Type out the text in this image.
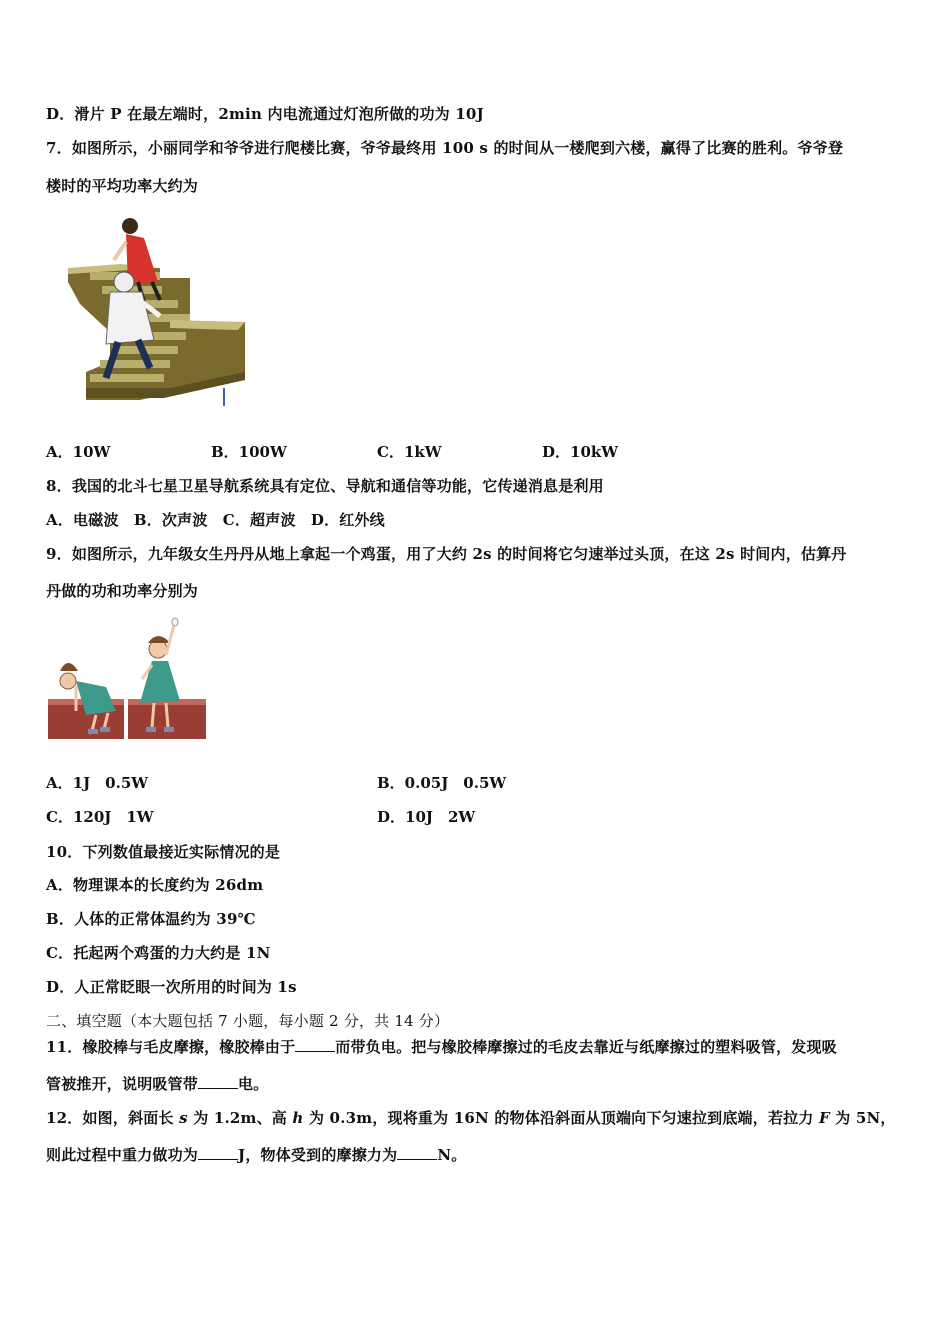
D．滑片 P 在最左端时，2min 内电流通过灯泡所做的功为 10J
7．如图所示，小丽同学和爷爷进行爬楼比赛，爷爷最终用 100 s 的时间从一楼爬到六楼，赢得了比赛的胜利。爷爷登
楼时的平均功率大约为
A．10W	B．100W	C．1kW	D．10kW
8．我国的北斗七星卫星导航系统具有定位、导航和通信等功能，它传递消息是利用
A．电磁波　B．次声波　C．超声波　D．红外线
9．如图所示，九年级女生丹丹从地上拿起一个鸡蛋，用了大约 2s 的时间将它匀速举过头顶，在这 2s 时间内，估算丹
丹做的功和功率分别为
A．1J　0.5W	B．0.05J　0.5W
C．120J　1W	D．10J　2W
10．下列数值最接近实际情况的是
A．物理课本的长度约为 26dm
B．人体的正常体温约为 39℃
C．托起两个鸡蛋的力大约是 1N
D．人正常眨眼一次所用的时间为 1s
二、填空题（本大题包括 7 小题，每小题 2 分，共 14 分）
11．橡胶棒与毛皮摩擦，橡胶棒由于	而带负电。把与橡胶棒摩擦过的毛皮去靠近与纸摩擦过的塑料吸管，发现吸
管被推开，说明吸管带	电。
12．如图，斜面长 s 为 1.2m、高 h 为 0.3m，现将重为 16N 的物体沿斜面从顶端向下匀速拉到底端，若拉力 F 为 5N，
则此过程中重力做功为	J，物体受到的摩擦力为	N。
